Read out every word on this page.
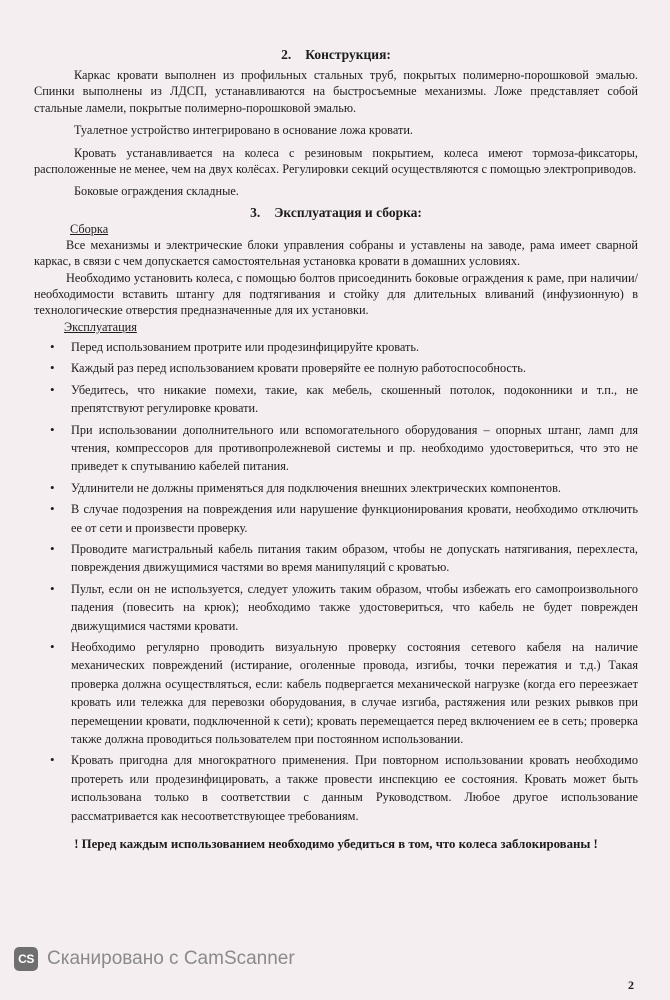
2. Конструкция:

Каркас кровати выполнен из профильных стальных труб, покрытых полимерно-порошковой эмалью. Спинки выполнены из ЛДСП, устанавливаются на быстросъемные механизмы. Ложе представляет собой стальные ламели, покрытые полимерно-порошковой эмалью.

Туалетное устройство интегрировано в основание ложа кровати.

Кровать устанавливается на колеса с резиновым покрытием, колеса имеют тормоза-фиксаторы, расположенные не менее, чем на двух колёсах. Регулировки секций осуществляются с помощью электроприводов.

Боковые ограждения складные.

3. Эксплуатация и сборка:
Сборка

Все механизмы и электрические блоки управления собраны и уставлены на заводе, рама имеет сварной каркас, в связи с чем допускается самостоятельная установка кровати в домашних условиях.

Необходимо установить колеса, с помощью болтов присоединить боковые ограждения к раме, при наличии/необходимости вставить штангу для подтягивания и стойку для длительных вливаний (инфузионную) в технологические отверстия предназначенные для их установки.

Эксплуатация
• Перед использованием протрите или продезинфицируйте кровать.
• Каждый раз перед использованием кровати проверяйте ее полную работоспособность.
• Убедитесь, что никакие помехи, такие, как мебель, скошенный потолок, подоконники и т.п., не препятствуют регулировке кровати.
• При использовании дополнительного или вспомогательного оборудования – опорных штанг, ламп для чтения, компрессоров для противопролежневой системы и пр. необходимо удостовериться, что это не приведет к спутыванию кабелей питания.
• Удлинители не должны применяться для подключения внешних электрических компонентов.
• В случае подозрения на повреждения или нарушение функционирования кровати, необходимо отключить ее от сети и произвести проверку.
• Проводите магистральный кабель питания таким образом, чтобы не допускать натягивания, перехлеста, повреждения движущимися частями во время манипуляций с кроватью.
• Пульт, если он не используется, следует уложить таким образом, чтобы избежать его самопроизвольного падения (повесить на крюк); необходимо также удостовериться, что кабель не будет поврежден движущимися частями кровати.
• Необходимо регулярно проводить визуальную проверку состояния сетевого кабеля на наличие механических повреждений (истирание, оголенные провода, изгибы, точки пережатия и т.д.) Такая проверка должна осуществляться, если: кабель подвергается механической нагрузке (когда его переезжает кровать или тележка для перевозки оборудования, в случае изгиба, растяжения или резких рывков при перемещении кровати, подключенной к сети); кровать перемещается перед включением ее в сеть; проверка также должна проводиться пользователем при постоянном использовании.
• Кровать пригодна для многократного применения. При повторном использовании кровать необходимо протереть или продезинфицировать, а также провести инспекцию ее состояния. Кровать может быть использована только в соответствии с данным Руководством. Любое другое использование рассматривается как несоответствующее требованиям.
! Перед каждым использованием необходимо убедиться в том, что колеса заблокированы !
CS Сканировано с CamScanner
2
